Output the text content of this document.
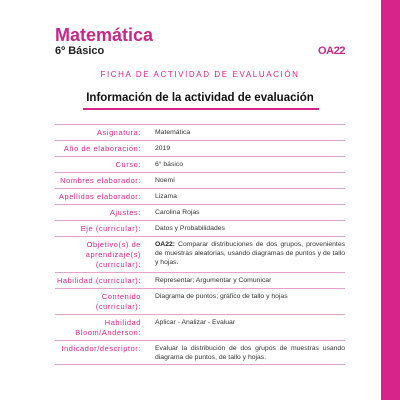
Matemática
6º Básico	OA22
FICHA DE ACTIVIDAD DE EVALUACIÓN
Información de la actividad de evaluación
Asignatura:	Matemática
Año de elaboración:	2019
Curso:	6° básico
Nombres elaborador:	Noemí
Apellidos elaborador:	Lizama
Ajustes:	Carolina Rojas
Eje (curricular):	Datos y Probabilidades
Objetivo(s) de aprendizaje(s) (curricular):	OA22: Comparar distribuciones de dos grupos, provenientes de muestras aleatorias, usando diagramas de puntos y de tallo y hojas.
Habilidad (curricular):	Representar; Argumentar y Comunicar
Contenido (curricular):	Diagrama de puntos; gráfico de tallo y hojas
Habilidad Bloom/Anderson:	Aplicar - Analizar - Evaluar
Indicador/descriptor:	Evaluar la distribución de dos grupos de muestras usando diagrama de puntos, de tallo y hojas.
